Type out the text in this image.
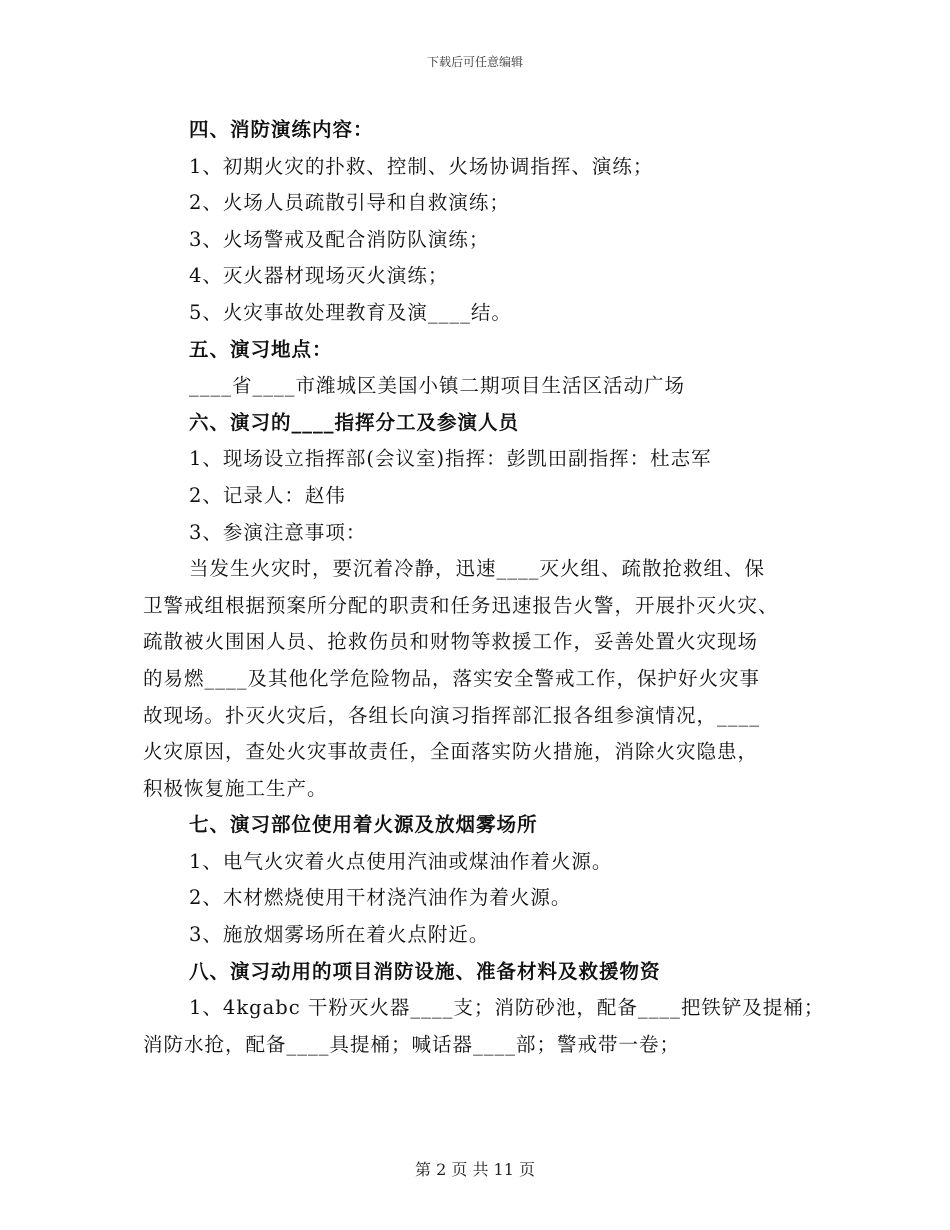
下载后可任意编辑
四、消防演练内容：
1、初期火灾的扑救、控制、火场协调指挥、演练；
2、火场人员疏散引导和自救演练；
3、火场警戒及配合消防队演练；
4、灭火器材现场灭火演练；
5、火灾事故处理教育及演____结。
五、演习地点：
____省____市潍城区美国小镇二期项目生活区活动广场
六、演习的____指挥分工及参演人员
1、现场设立指挥部(会议室)指挥：彭凯田副指挥：杜志军
2、记录人：赵伟
3、参演注意事项：
当发生火灾时，要沉着冷静，迅速____灭火组、疏散抢救组、保
卫警戒组根据预案所分配的职责和任务迅速报告火警，开展扑灭火灾、
疏散被火围困人员、抢救伤员和财物等救援工作，妥善处置火灾现场
的易燃____及其他化学危险物品，落实安全警戒工作，保护好火灾事
故现场。扑灭火灾后，各组长向演习指挥部汇报各组参演情况，____
火灾原因，查处火灾事故责任，全面落实防火措施，消除火灾隐患，
积极恢复施工生产。
七、演习部位使用着火源及放烟雾场所
1、电气火灾着火点使用汽油或煤油作着火源。
2、木材燃烧使用干材浇汽油作为着火源。
3、施放烟雾场所在着火点附近。
八、演习动用的项目消防设施、准备材料及救援物资
1、4kgabc 干粉灭火器____支；消防砂池，配备____把铁铲及提桶；
消防水抢，配备____具提桶；喊话器____部；警戒带一卷；
第 2 页 共 11 页
